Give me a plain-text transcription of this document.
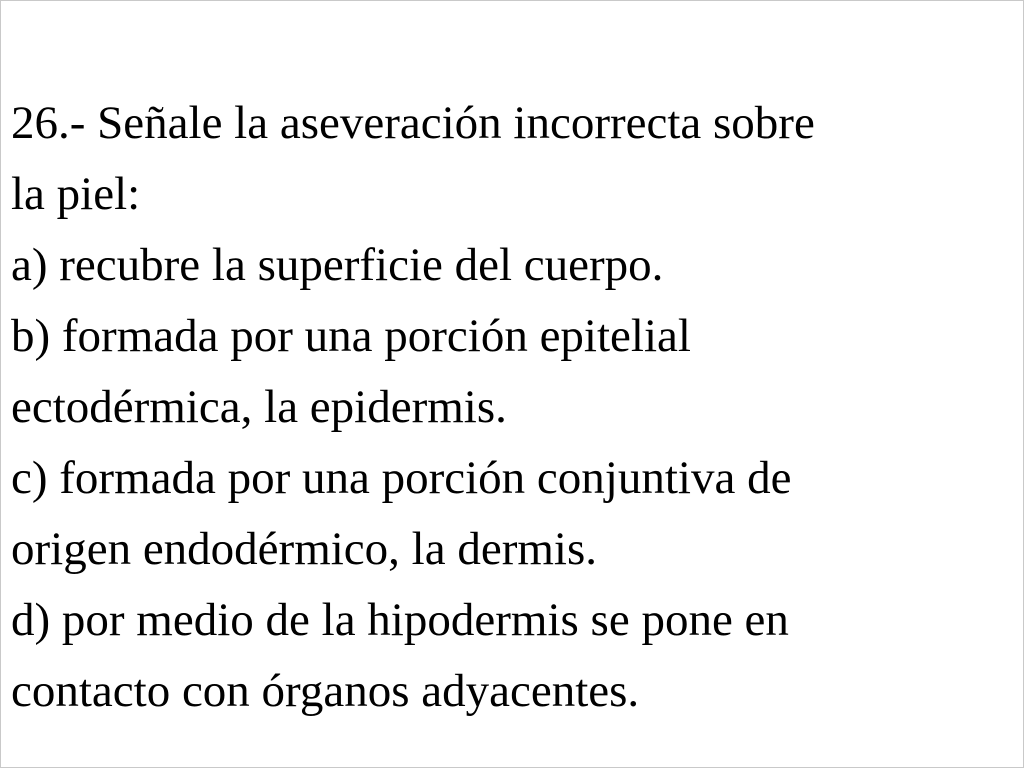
26.- Señale la aseveración incorrecta sobre
la piel:
a) recubre la superficie del cuerpo.
b) formada por una porción epitelial
ectodérmica, la epidermis.
c) formada por una porción conjuntiva de
origen endodérmico, la dermis.
d) por medio de la hipodermis se pone en
contacto con órganos adyacentes.
